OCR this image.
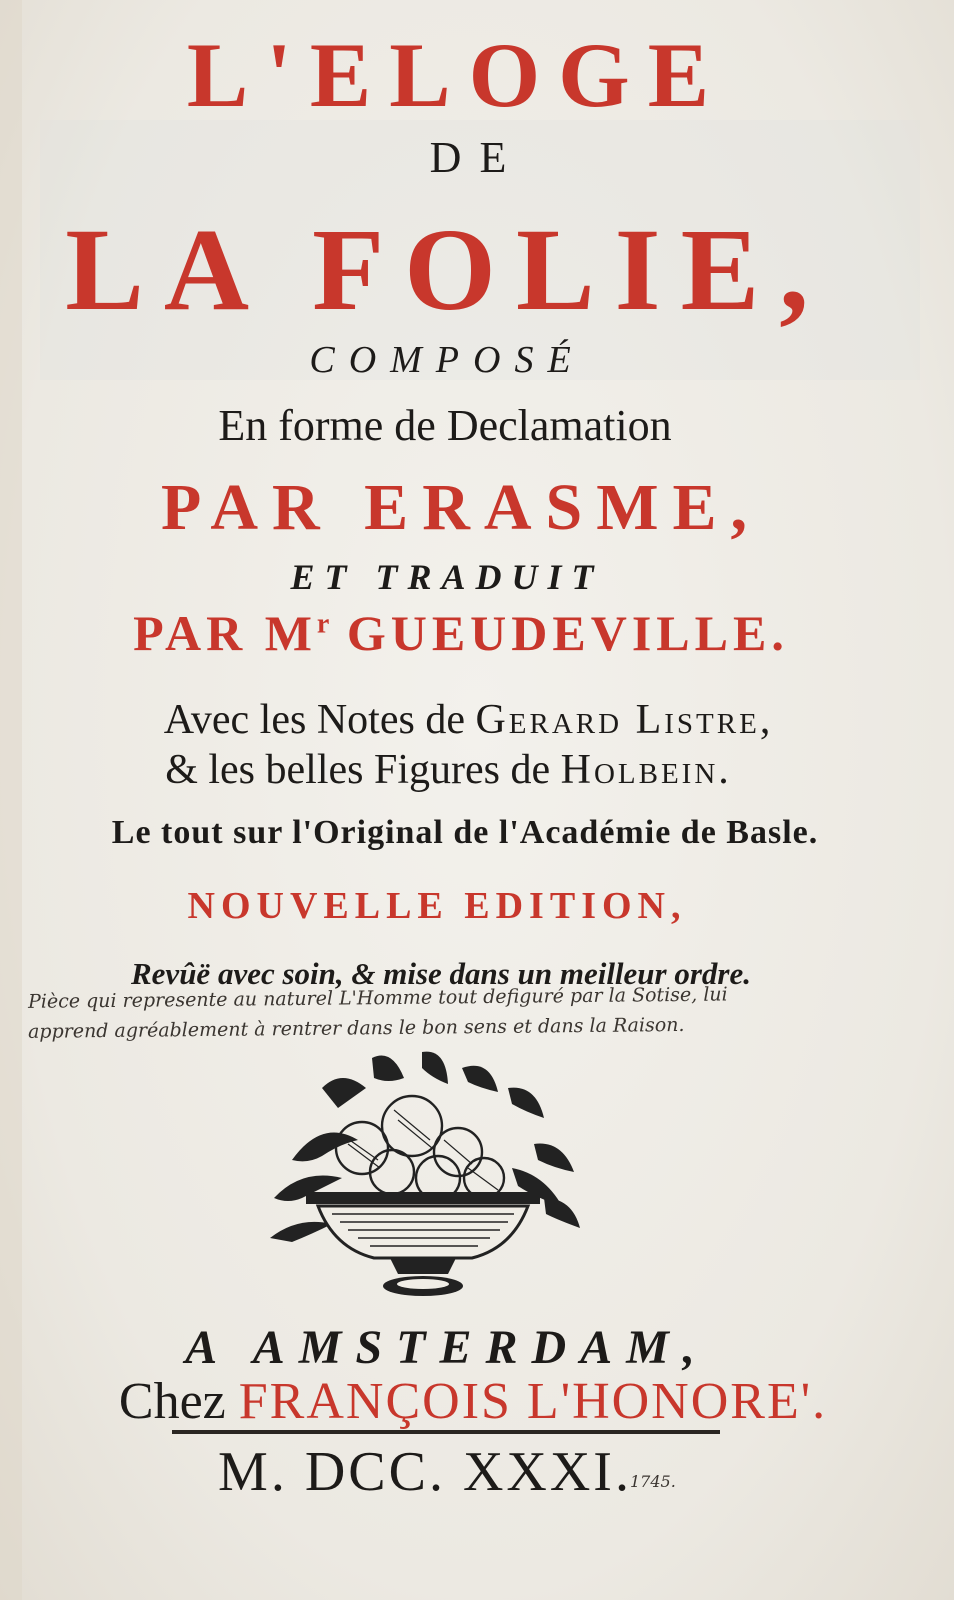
L'ELOGE

DE

LA FOLIE,

COMPOSÉ

En forme de Declamation

PAR ERASME,

ET TRADUIT

PAR $M^r$ GUEUDEVILLE.

Avec les Notes de Gerard Listre,

& les belles Figures de Holbein.

Le tout sur l'Original de l'Académie de Basle.

NOUVELLE EDITION,

Revûë avec soin, & mise dans un meilleur ordre.

Pièce qui represente au naturel L'Homme tout defiguré par la Sotise, lui

apprend agréablement à rentrer dans le bon sens et dans la Raison.

A AMSTERDAM,

Chez FRANÇOIS L'HONORE'.

M. DCC. XXXI.

1745.
